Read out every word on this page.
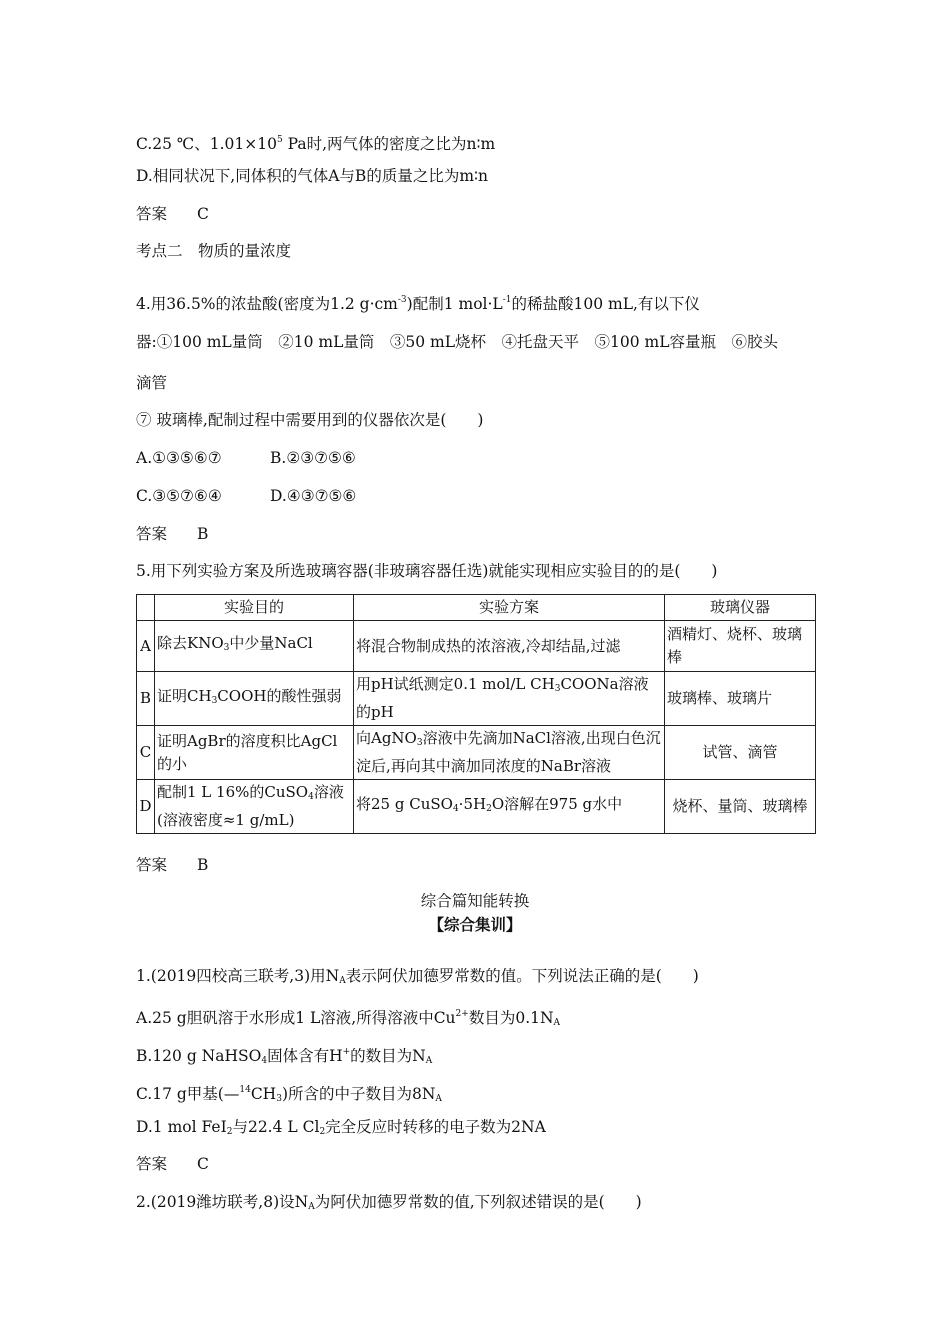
C.25 ℃、$1.01\times 10^5$ Pa时,两气体的密度之比为n∶m
D.相同状况下,同体积的气体A与B的质量之比为m∶n
答案 C
考点二　物质的量浓度
4.用36.5%的浓盐酸(密度为1.2 $g\cdot cm^{-3}$)配制1 $mol\cdot L^{-1}$的稀盐酸100 mL,有以下仪
器:①100 mL量筒　②10 mL量筒　③50 mL烧杯　④托盘天平　⑤100 mL容量瓶　⑥胶头
滴管
⑦ 玻璃棒,配制过程中需要用到的仪器依次是(　　)
A.①③⑤⑥⑦	B.②③⑦⑤⑥
C.③⑤⑦⑥④	D.④③⑦⑤⑥
答案 B
5.用下列实验方案及所选玻璃容器(非玻璃容器任选)就能实现相应实验目的的是(　　)
	实验目的	实验方案	玻璃仪器
A	除去$KNO_3$中少量NaCl	将混合物制成热的浓溶液,冷却结晶,过滤	酒精灯、烧杯、玻璃棒
B	证明$CH_3COOH$的酸性强弱	用pH试纸测定0.1 mol/L $CH_3COONa$溶液的pH	玻璃棒、玻璃片
C	证明AgBr的溶度积比AgCl的小	向AgNO$_3$溶液中先滴加NaCl溶液,出现白色沉淀后,再向其中滴加同浓度的NaBr溶液	试管、滴管
D	配制1 L 16%的CuSO$_4$溶液(溶液密度≈1 g/mL)	将25 g $CuSO_4\cdot 5H_2O$溶解在975 g水中	烧杯、量筒、玻璃棒
答案 B
综合篇知能转换
【综合集训】
1.(2019四校高三联考,3)用$N_A$表示阿伏加德罗常数的值。下列说法正确的是(　　)
A.25 g胆矾溶于水形成1 L溶液,所得溶液中$Cu^{2+}$数目为$0.1N_A$
B.120 g NaHSO$_4$固体含有H+的数目为$N_A$
C.17 g甲基$(—^{14}CH_3)$所含的中子数目为$8N_A$
D.1 mol FeI$_2$与22.4 L $Cl_2$完全反应时转移的电子数为2NA
答案 C
2.(2019潍坊联考,8)设$N_A$为阿伏加德罗常数的值,下列叙述错误的是(　　)
